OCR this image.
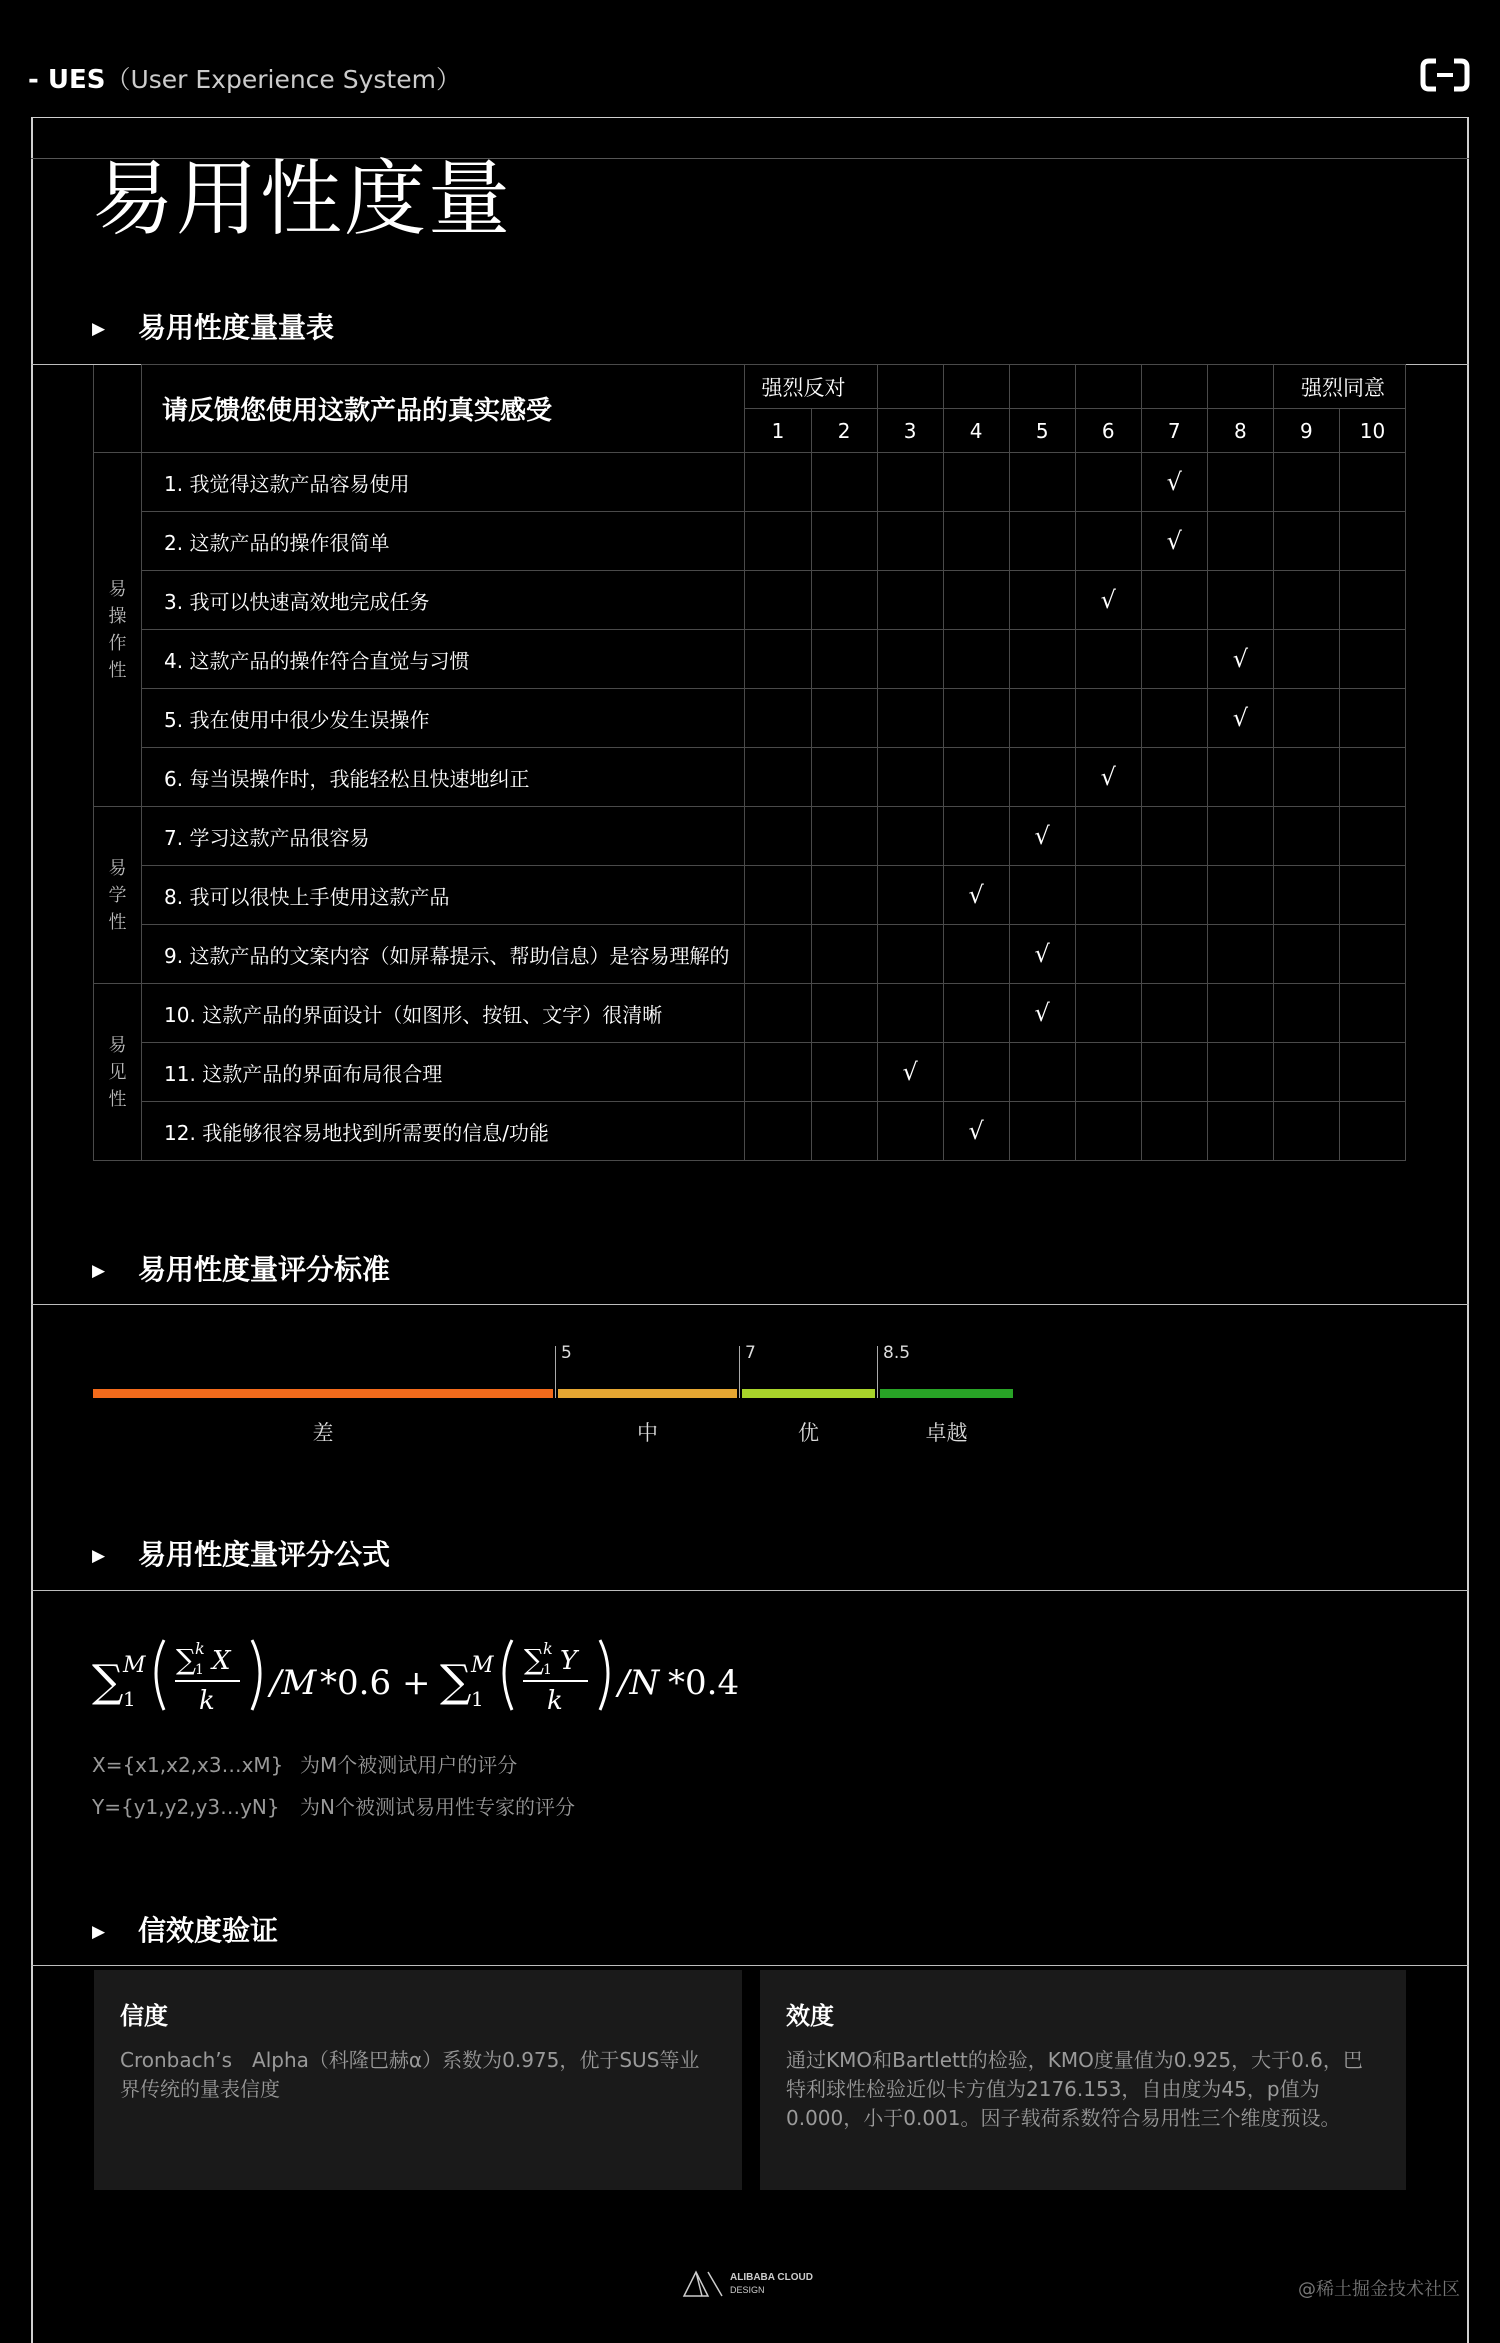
- UES（User Experience System）
易用性度量
▶ 易用性度量量表
	请反馈您使用这款产品的真实感受	强烈反对								强烈同意	
		1	2	3	4	5	6	7	8	9	10

易
操
作
性	1. 我觉得这款产品容易使用							√			
	2. 这款产品的操作很简单							√			
	3. 我可以快速高效地完成任务						√				
	4. 这款产品的操作符合直觉与习惯								√		
	5. 我在使用中很少发生误操作								√		
	6. 每当误操作时，我能轻松且快速地纠正						√				

易
学
性	7. 学习这款产品很容易					√					
	8. 我可以很快上手使用这款产品				√						
	9. 这款产品的文案内容（如屏幕提示、帮助信息）是容易理解的					√					

易
见
性	10. 这款产品的界面设计（如图形、按钮、文字）很清晰					√					
	11. 这款产品的界面布局很合理			√							
	12. 我能够很容易地找到所需要的信息/功能				√						
▶ 易用性度量评分标准
差	中	优	卓越
5	7	8.5
▶ 易用性度量评分公式
∑ M
1
∑ k
1 X
k /M *0.6 + ∑ M
1
∑ k
1 Y
k /N *0.4
X={x1,x2,x3…xM} 为M个被测试用户的评分
Y={y1,y2,y3…yN} 为N个被测试易用性专家的评分
▶ 信效度验证
信度

Cronbach’s　Alpha（科隆巴赫α）系数为0.975，优于SUS等业界传统的量表信度

效度

通过KMO和Bartlett的检验，KMO度量值为0.925，大于0.6，巴特利球性检验近似卡方值为2176.153，自由度为45，p值为0.000，小于0.001。因子载荷系数符合易用性三个维度预设。

ALIBABA CLOUD
DESIGN	@稀土掘金技术社区
